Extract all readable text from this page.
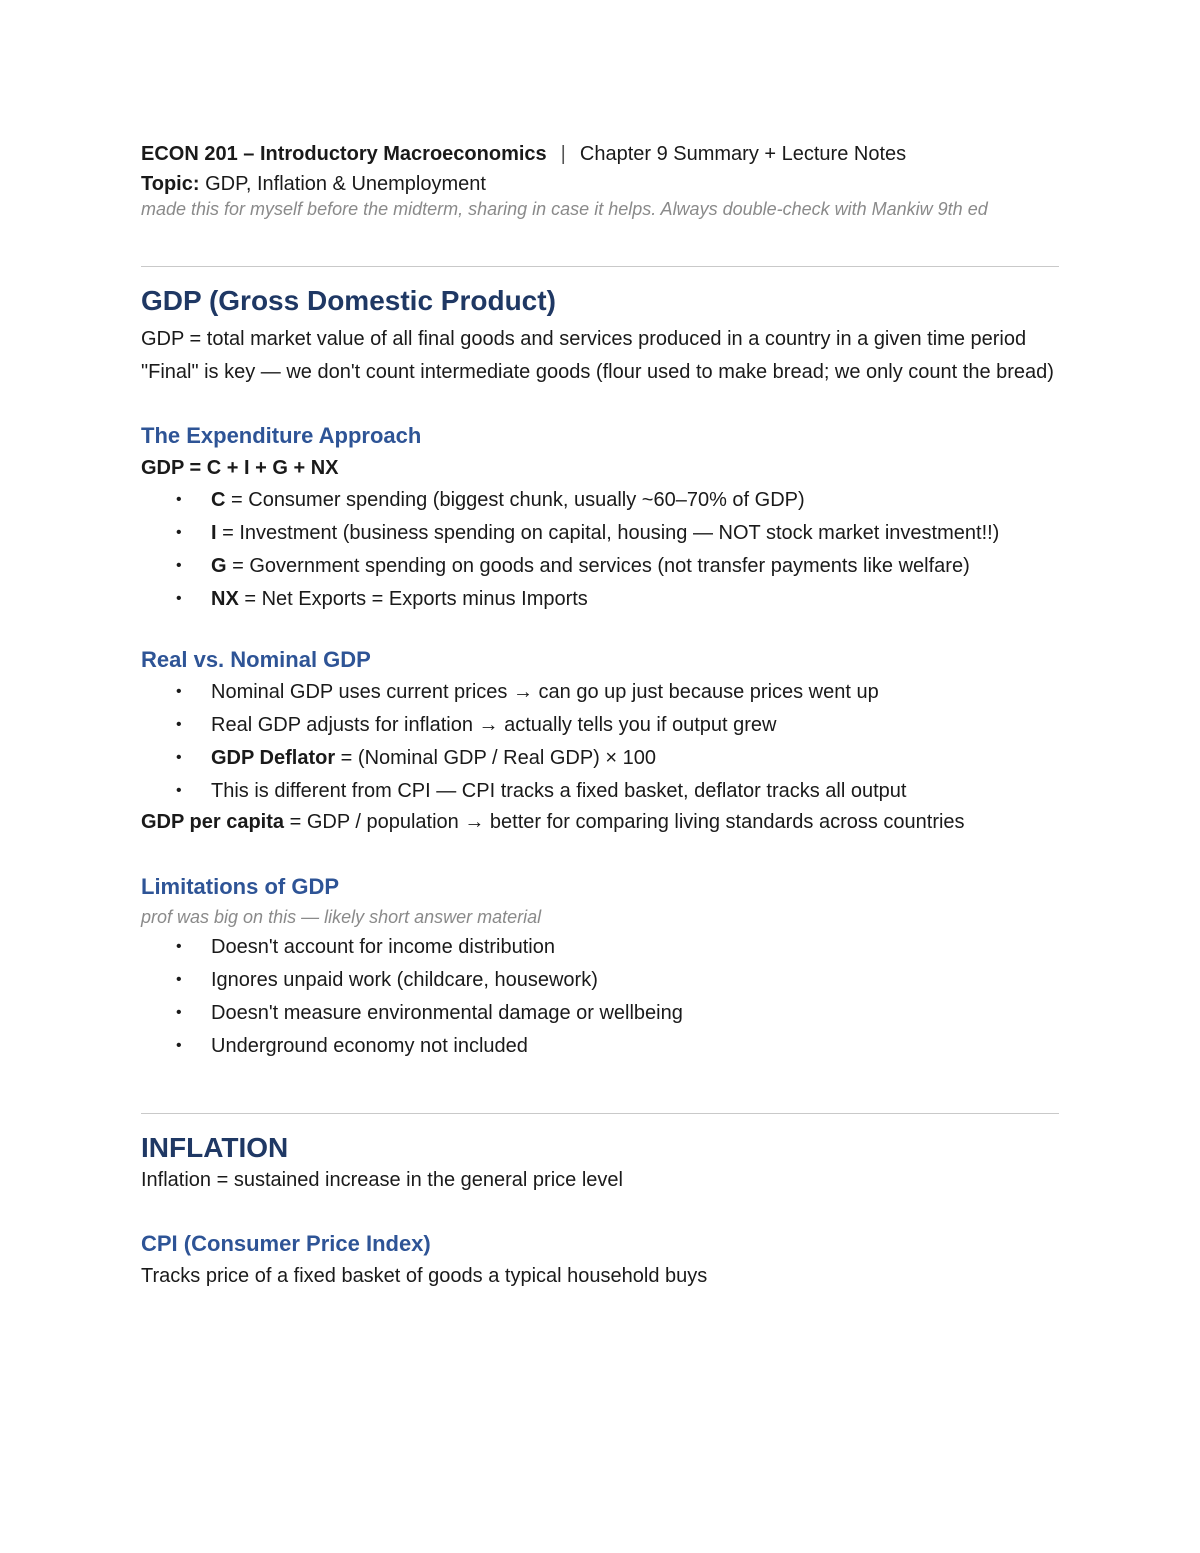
ECON 201 – Introductory Macroeconomics | Chapter 9 Summary + Lecture Notes
Topic: GDP, Inflation & Unemployment
made this for myself before the midterm, sharing in case it helps. Always double-check with Mankiw 9th ed
GDP (Gross Domestic Product)

GDP = total market value of all final goods and services produced in a country in a given time period

"Final" is key — we don't count intermediate goods (flour used to make bread; we only count the bread)

The Expenditure Approach
GDP = C + I + G + NX
• C = Consumer spending (biggest chunk, usually ~60–70% of GDP)
• I = Investment (business spending on capital, housing — NOT stock market investment!!)
• G = Government spending on goods and services (not transfer payments like welfare)
• NX = Net Exports = Exports minus Imports
Real vs. Nominal GDP
• Nominal GDP uses current prices → can go up just because prices went up
• Real GDP adjusts for inflation → actually tells you if output grew
• GDP Deflator = (Nominal GDP / Real GDP) × 100
• This is different from CPI — CPI tracks a fixed basket, deflator tracks all output

GDP per capita = GDP / population → better for comparing living standards across countries

Limitations of GDP
prof was big on this — likely short answer material
• Doesn't account for income distribution
• Ignores unpaid work (childcare, housework)
• Doesn't measure environmental damage or wellbeing
• Underground economy not included
INFLATION

Inflation = sustained increase in the general price level

CPI (Consumer Price Index)

Tracks price of a fixed basket of goods a typical household buys
